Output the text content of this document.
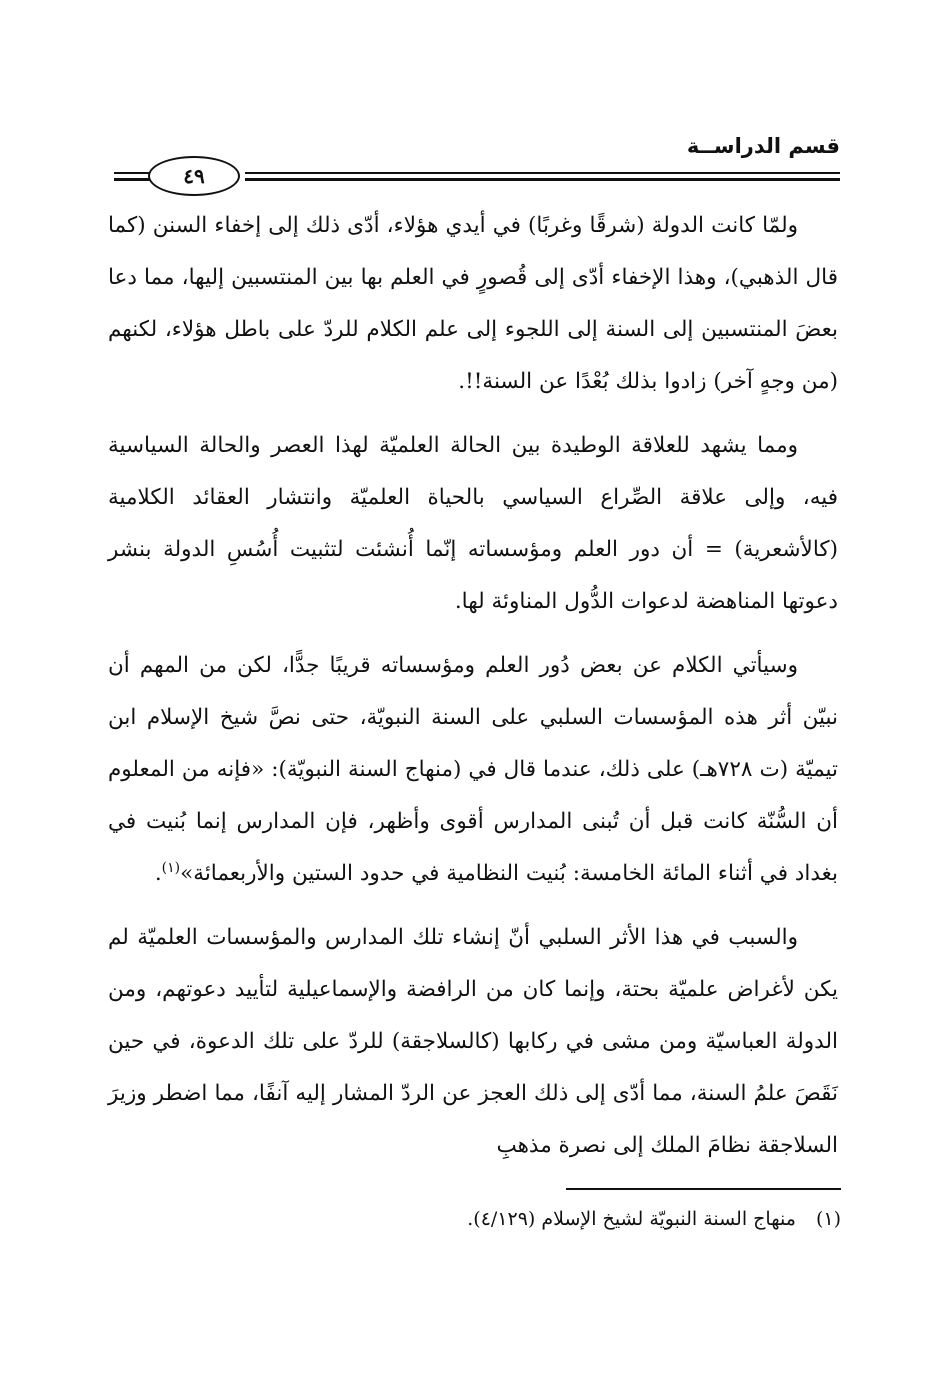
قسم الدراســة
٤٩

ولمّا كانت الدولة (شرقًا وغربًا) في أيدي هؤلاء، أدّى ذلك إلى إخفاء السنن (كما قال الذهبي)، وهذا الإخفاء أدّى إلى قُصورٍ في العلم بها بين المنتسبين إليها، مما دعا بعضَ المنتسبين إلى السنة إلى اللجوء إلى علم الكلام للردّ على باطل هؤلاء، لكنهم (من وجهٍ آخر) زادوا بذلك بُعْدًا عن السنة!!.

ومما يشهد للعلاقة الوطيدة بين الحالة العلميّة لهذا العصر والحالة السياسية فيه، وإلى علاقة الصِّراع السياسي بالحياة العلميّة وانتشار العقائد الكلامية (كالأشعرية) = أن دور العلم ومؤسساته إنّما أُنشئت لتثبيت أُسُسِ الدولة بنشر دعوتها المناهضة لدعوات الدُّول المناوئة لها.

وسيأتي الكلام عن بعض دُور العلم ومؤسساته قريبًا جدًّا، لكن من المهم أن نبيّن أثر هذه المؤسسات السلبي على السنة النبويّة، حتى نصَّ شيخ الإسلام ابن تيميّة (ت ٧٢٨هـ) على ذلك، عندما قال في (منهاج السنة النبويّة): «فإنه من المعلوم أن السُّنّة كانت قبل أن تُبنى المدارس أقوى وأظهر، فإن المدارس إنما بُنيت في بغداد في أثناء المائة الخامسة: بُنيت النظامية في حدود الستين والأربعمائة»$^{(١)}$.

والسبب في هذا الأثر السلبي أنّ إنشاء تلك المدارس والمؤسسات العلميّة لم يكن لأغراض علميّة بحتة، وإنما كان من الرافضة والإسماعيلية لتأييد دعوتهم، ومن الدولة العباسيّة ومن مشى في ركابها (كالسلاجقة) للردّ على تلك الدعوة، في حين نَقَصَ علمُ السنة، مما أدّى إلى ذلك العجز عن الردّ المشار إليه آنفًا، مما اضطر وزيرَ السلاجقة نظامَ الملك إلى نصرة مذهبِ

(١) منهاج السنة النبويّة لشيخ الإسلام (٤/١٢٩).
